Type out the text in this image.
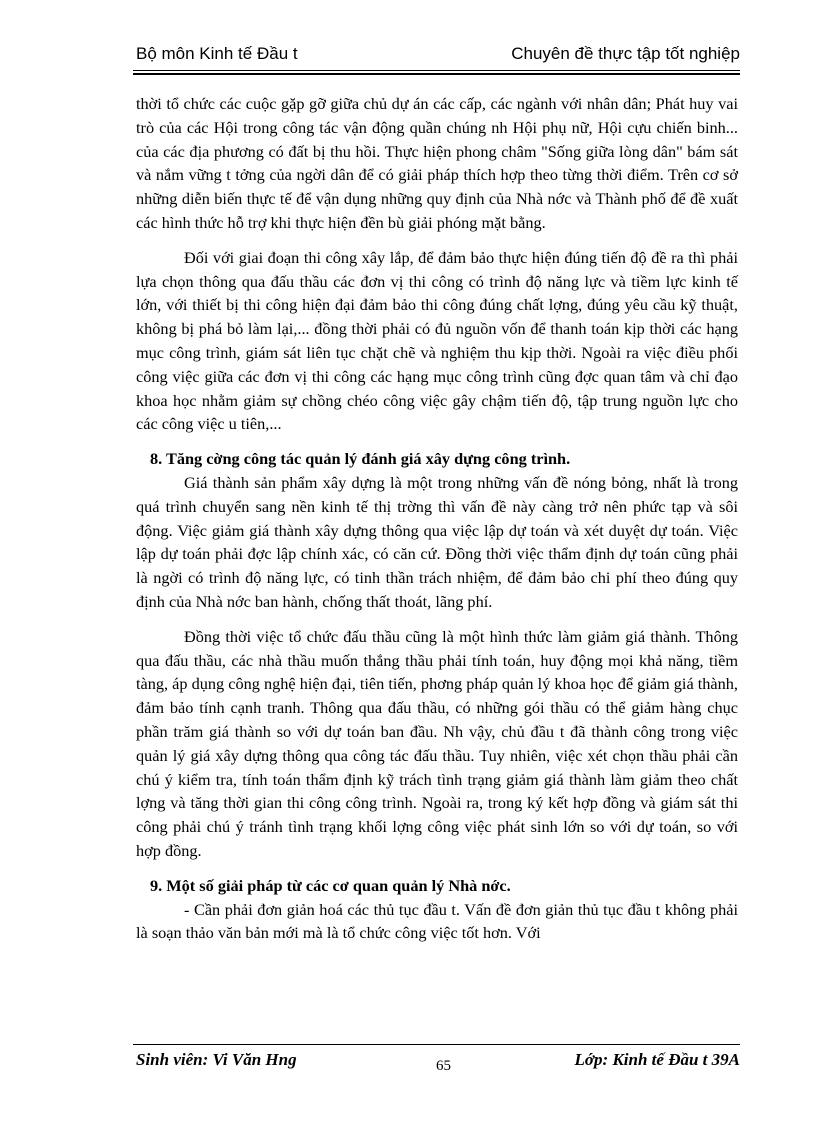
Bộ môn Kinh tế Đầu t	Chuyên đề thực tập tốt nghiệp

thời tổ chức các cuộc gặp gỡ giữa chủ dự án các cấp, các ngành với nhân dân; Phát huy vai trò của các Hội trong công tác vận động quần chúng nh Hội phụ nữ, Hội cựu chiến binh... của các địa phương có đất bị thu hồi. Thực hiện phong châm "Sống giữa lòng dân" bám sát và nắm vững t tởng của ngời dân để có giải pháp thích hợp theo từng thời điểm. Trên cơ sở những diễn biến thực tế để vận dụng những quy định của Nhà nớc và Thành phố để đề xuất các hình thức hỗ trợ khi thực hiện đền bù giải phóng mặt bằng.

Đối với giai đoạn thi công xây lắp, để đảm bảo thực hiện đúng tiến độ đề ra thì phải lựa chọn thông qua đấu thầu các đơn vị thi công có trình độ năng lực và tiềm lực kinh tế lớn, với thiết bị thi công hiện đại đảm bảo thi công đúng chất lợng, đúng yêu cầu kỹ thuật, không bị phá bỏ làm lại,... đồng thời phải có đủ nguồn vốn để thanh toán kịp thời các hạng mục công trình, giám sát liên tục chặt chẽ và nghiệm thu kịp thời. Ngoài ra việc điều phối công việc giữa các đơn vị thi công các hạng mục công trình cũng đợc quan tâm và chỉ đạo khoa học nhằm giảm sự chồng chéo công việc gây chậm tiến độ, tập trung nguồn lực cho các công việc u tiên,...

8. Tăng cờng công tác quản lý đánh giá xây dựng công trình.

Giá thành sản phẩm xây dựng là một trong những vấn đề nóng bỏng, nhất là trong quá trình chuyển sang nền kinh tế thị trờng thì vấn đề này càng trở nên phức tạp và sôi động. Việc giảm giá thành xây dựng thông qua việc lập dự toán và xét duyệt dự toán. Việc lập dự toán phải đợc lập chính xác, có căn cứ. Đồng thời việc thẩm định dự toán cũng phải là ngời có trình độ năng lực, có tinh thần trách nhiệm, để đảm bảo chi phí theo đúng quy định của Nhà nớc ban hành, chống thất thoát, lãng phí.

Đồng thời việc tổ chức đấu thầu cũng là một hình thức làm giảm giá thành. Thông qua đấu thầu, các nhà thầu muốn thắng thầu phải tính toán, huy động mọi khả năng, tiềm tàng, áp dụng công nghệ hiện đại, tiên tiến, phơng pháp quản lý khoa học để giảm giá thành, đảm bảo tính cạnh tranh. Thông qua đấu thầu, có những gói thầu có thể giảm hàng chục phần trăm giá thành so với dự toán ban đầu. Nh vậy, chủ đầu t đã thành công trong việc quản lý giá xây dựng thông qua công tác đấu thầu. Tuy nhiên, việc xét chọn thầu phải cần chú ý kiểm tra, tính toán thẩm định kỹ trách tình trạng giảm giá thành làm giảm theo chất lợng và tăng thời gian thi công công trình. Ngoài ra, trong ký kết hợp đồng và giám sát thi công phải chú ý tránh tình trạng khối lợng công việc phát sinh lớn so với dự toán, so với hợp đồng.

9. Một số giải pháp từ các cơ quan quản lý Nhà nớc.

- Cần phải đơn giản hoá các thủ tục đầu t. Vấn đề đơn giản thủ tục đầu t không phải là soạn thảo văn bản mới mà là tổ chức công việc tốt hơn. Với

Sinh viên: Vi Văn Hng	65	Lớp: Kinh tế Đầu t 39A
